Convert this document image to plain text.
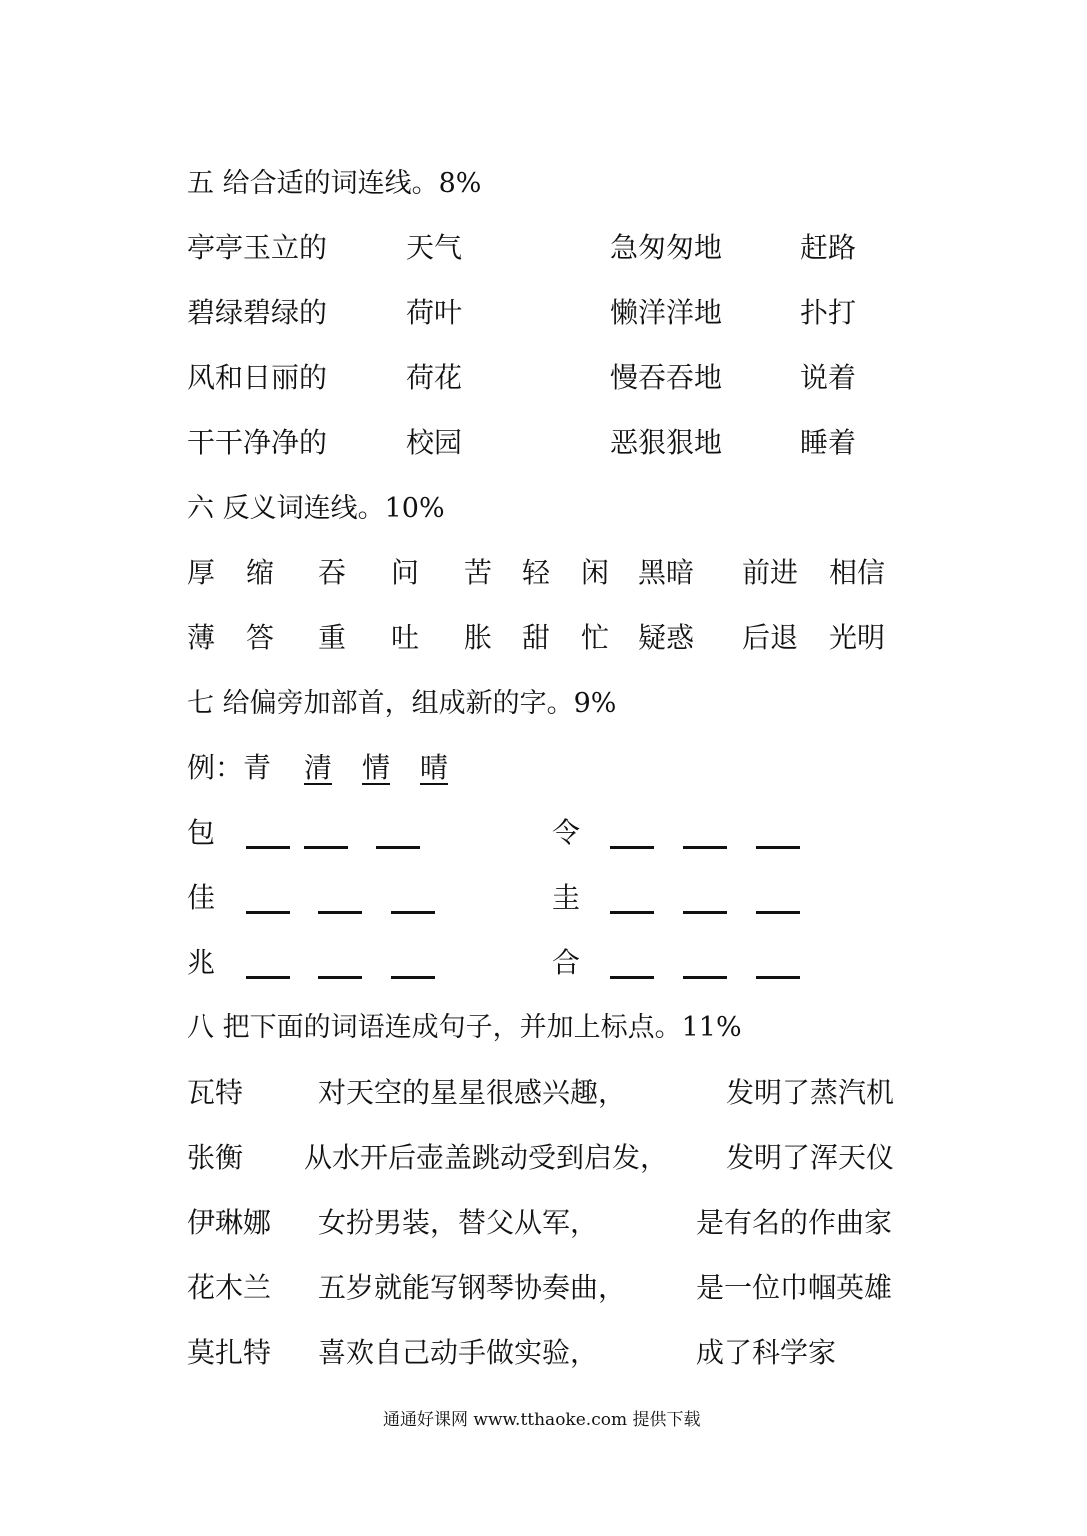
五 给合适的词连线。8%
亭亭玉立的	天气	急匆匆地	赶路
碧绿碧绿的	荷叶	懒洋洋地	扑打
风和日丽的	荷花	慢吞吞地	说着
干干净净的	校园	恶狠狠地	睡着
六 反义词连线。10%
厚 缩 吞 问 苦 轻 闲 黑暗 前进 相信
薄 答 重 吐 胀 甜 忙 疑惑 后退 光明
七 给偏旁加部首，组成新的字。9%
例：青 清 情 晴
包	令
佳	圭
兆	合
八 把下面的词语连成句子，并加上标点。11%
瓦特	对天空的星星很感兴趣，	发明了蒸汽机
张衡 从水开后壶盖跳动受到启发， 发明了浑天仪
伊琳娜 女扮男装，替父从军，	是有名的作曲家
花木兰 五岁就能写钢琴协奏曲， 是一位巾帼英雄
莫扎特 喜欢自己动手做实验，	成了科学家
通通好课网 www.tthaoke.com 提供下载
